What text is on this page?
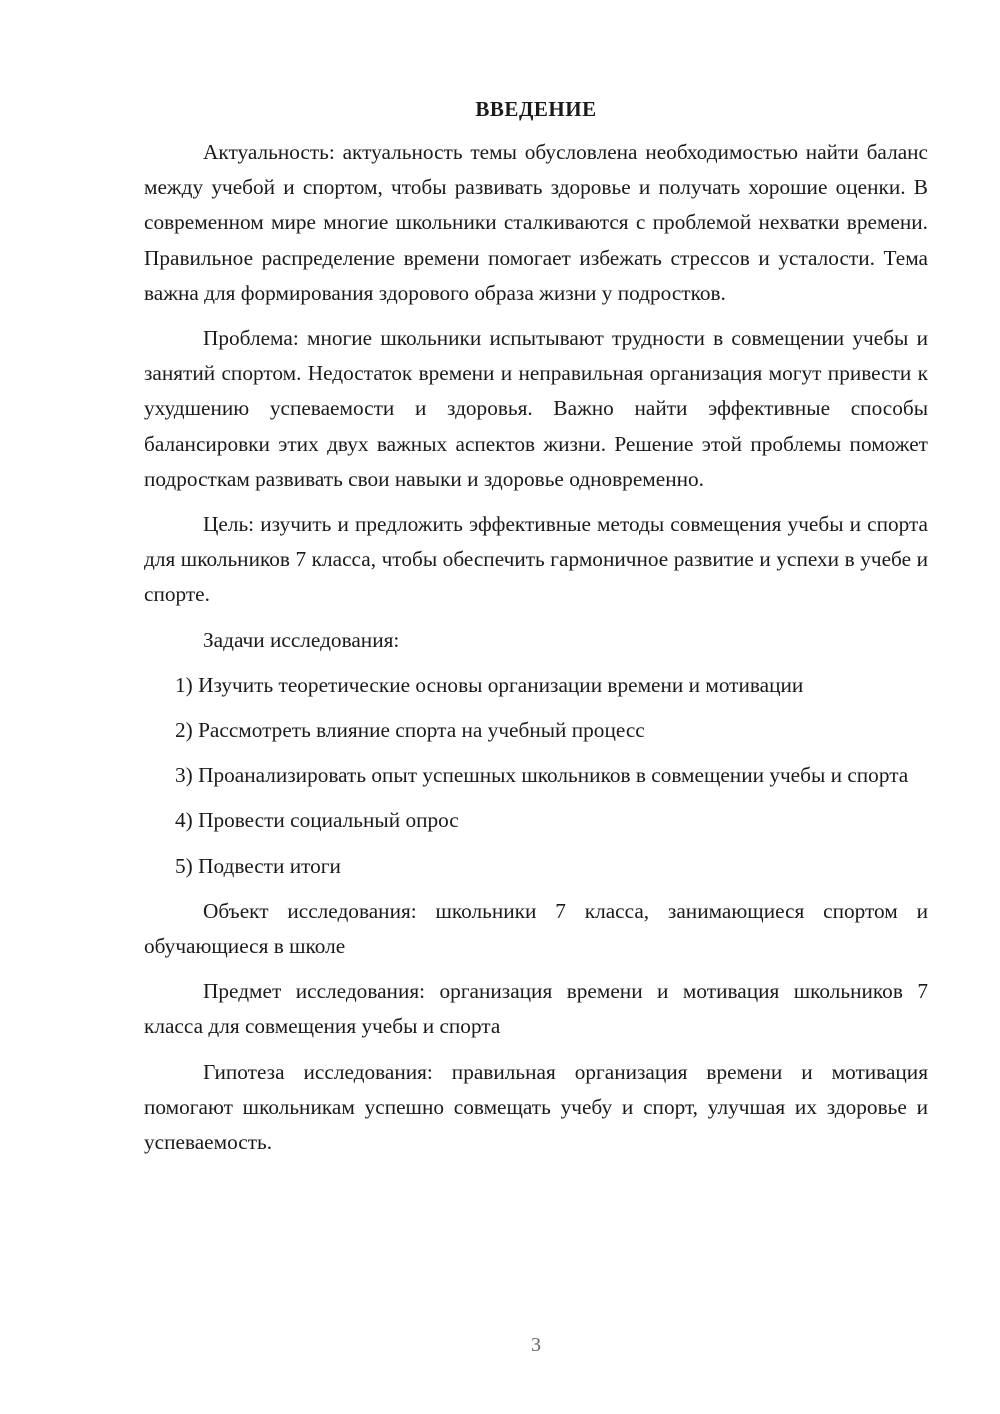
ВВЕДЕНИЕ

Актуальность: актуальность темы обусловлена необходимостью найти баланс между учебой и спортом, чтобы развивать здоровье и получать хорошие оценки. В современном мире многие школьники сталкиваются с проблемой нехватки времени. Правильное распределение времени помогает избежать стрессов и усталости. Тема важна для формирования здорового образа жизни у подростков.

Проблема: многие школьники испытывают трудности в совмещении учебы и занятий спортом. Недостаток времени и неправильная организация могут привести к ухудшению успеваемости и здоровья. Важно найти эффективные способы балансировки этих двух важных аспектов жизни. Решение этой проблемы поможет подросткам развивать свои навыки и здоровье одновременно.

Цель: изучить и предложить эффективные методы совмещения учебы и спорта для школьников 7 класса, чтобы обеспечить гармоничное развитие и успехи в учебе и спорте.

Задачи исследования:

1) Изучить теоретические основы организации времени и мотивации

2) Рассмотреть влияние спорта на учебный процесс

3) Проанализировать опыт успешных школьников в совмещении учебы и спорта

4) Провести социальный опрос

5) Подвести итоги

Объект исследования: школьники 7 класса, занимающиеся спортом и обучающиеся в школе

Предмет исследования: организация времени и мотивация школьников 7 класса для совмещения учебы и спорта

Гипотеза исследования: правильная организация времени и мотивация помогают школьникам успешно совмещать учебу и спорт, улучшая их здоровье и успеваемость.

3
